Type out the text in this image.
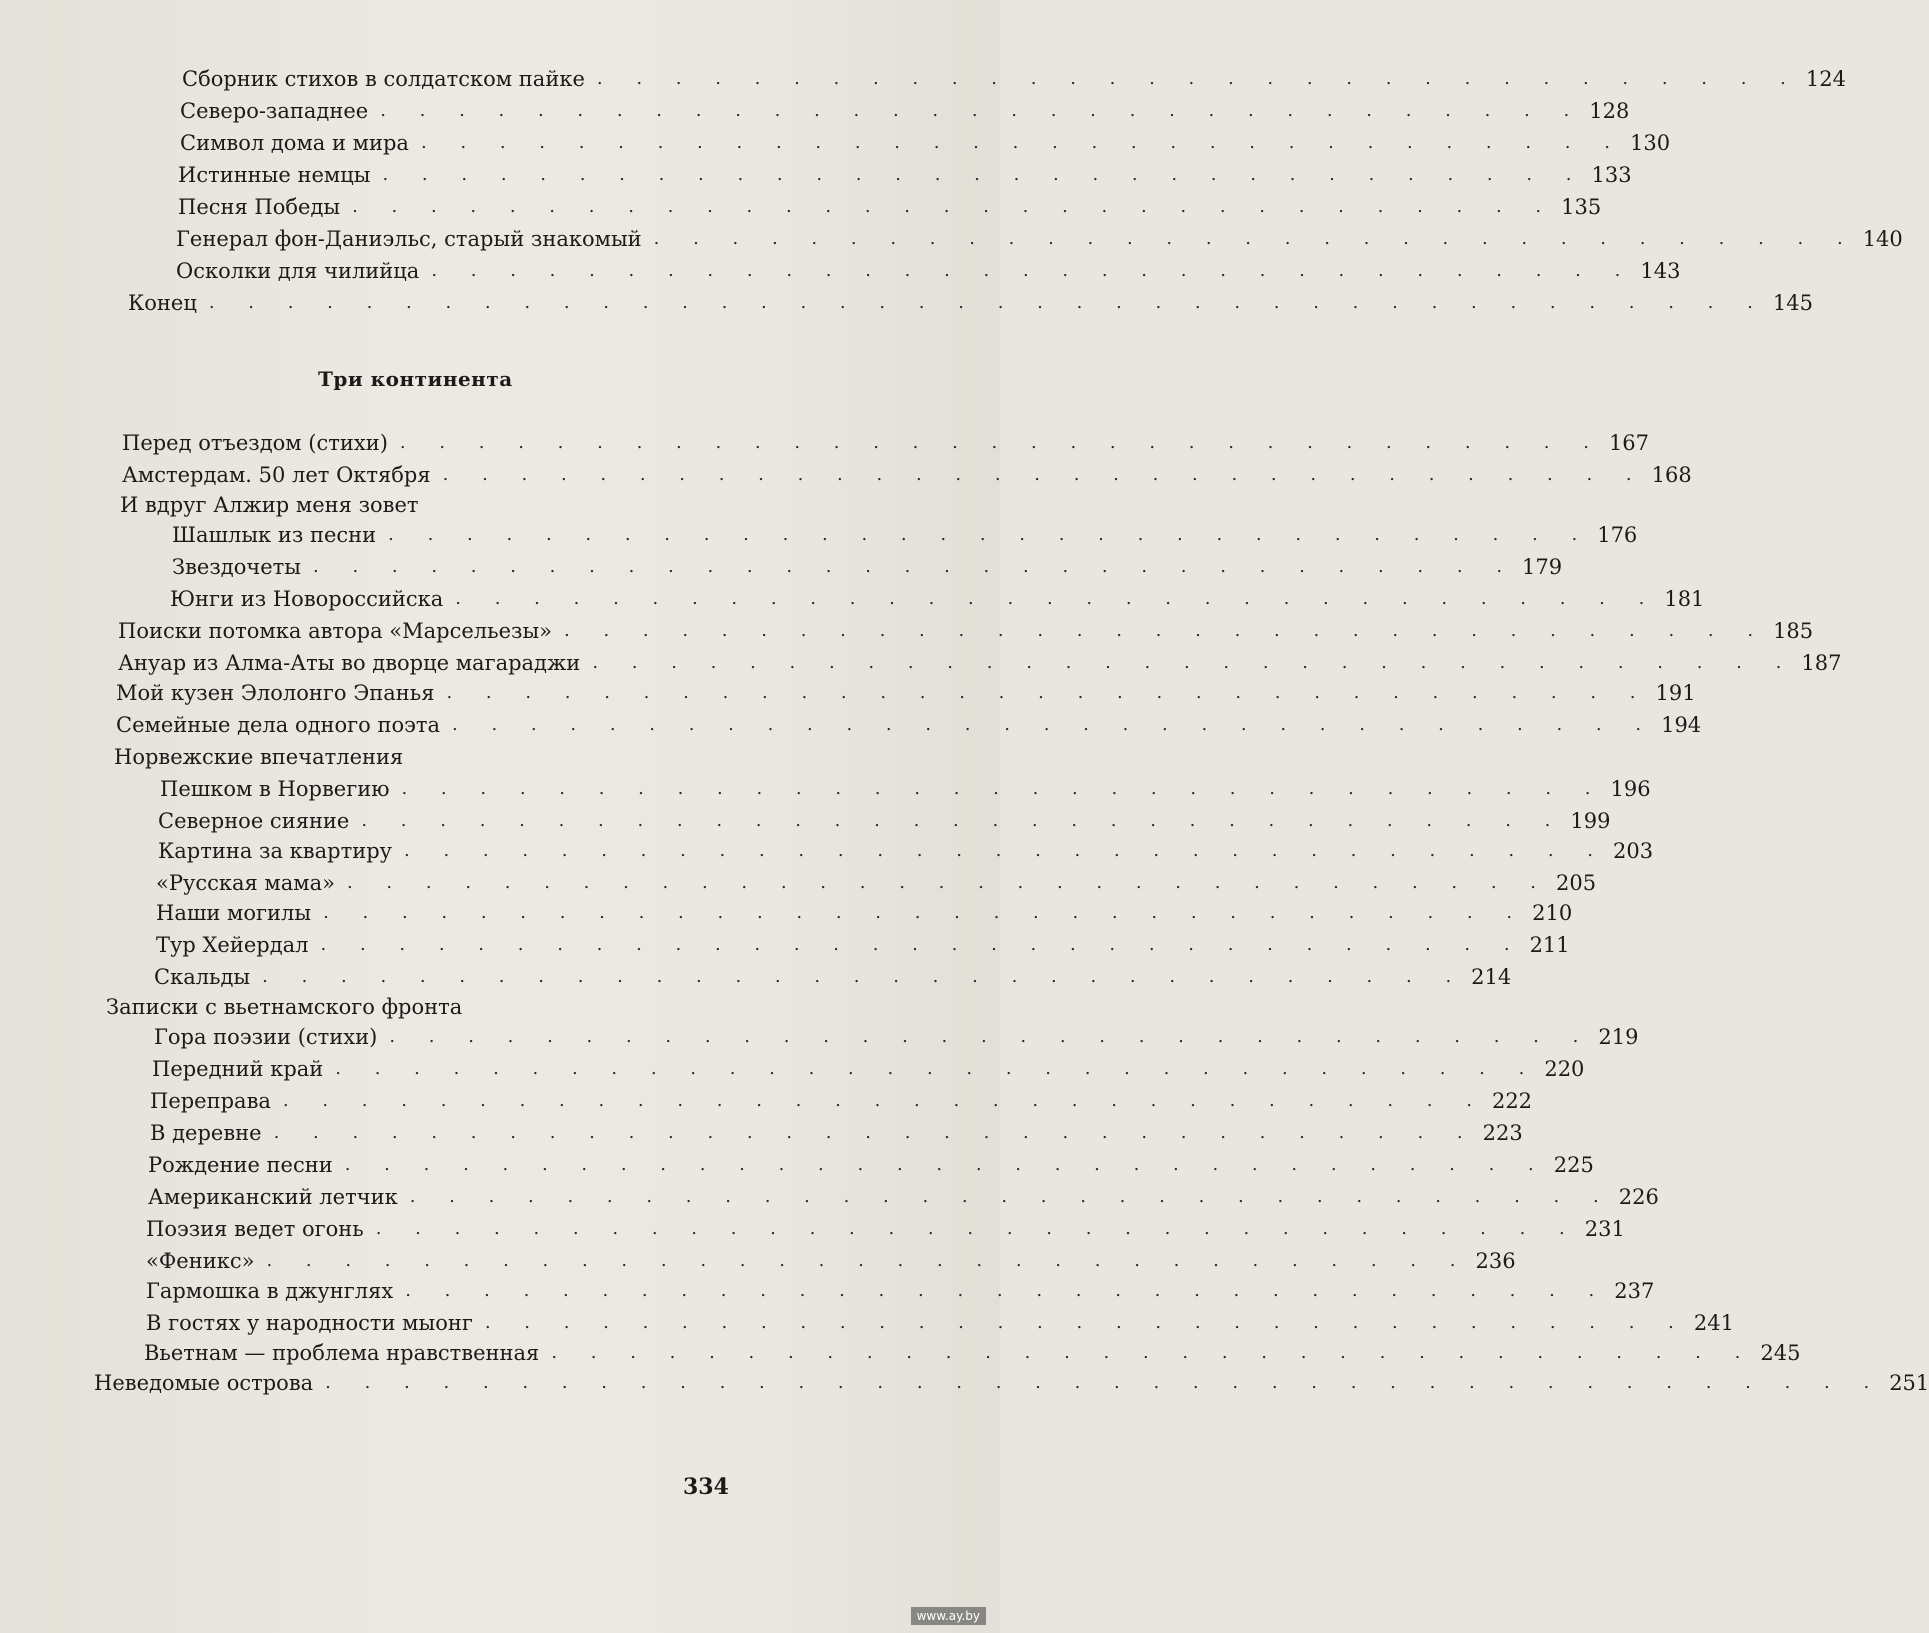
Сборник стихов в солдатском пайке . . . . . . . . . . . . . . . . . . . . . . . . . . . . . . . 124
Северо-западнее . . . . . . . . . . . . . . . . . . . . . . . . . . . . . . . 128
Символ дома и мира . . . . . . . . . . . . . . . . . . . . . . . . . . . . . . . 130
Истинные немцы . . . . . . . . . . . . . . . . . . . . . . . . . . . . . . . 133
Песня Победы . . . . . . . . . . . . . . . . . . . . . . . . . . . . . . . 135
Генерал фон-Даниэльс, старый знакомый . . . . . . . . . . . . . . . . . . . . . . . . . . . . . . . 140
Осколки для чилийца . . . . . . . . . . . . . . . . . . . . . . . . . . . . . . . 143
Конец . . . . . . . . . . . . . . . . . . . . . . . . . . . . . . . . . . . . . . . . 145
Три континента
Перед отъездом (стихи) . . . . . . . . . . . . . . . . . . . . . . . . . . . . . . . 167
Амстердам. 50 лет Октября . . . . . . . . . . . . . . . . . . . . . . . . . . . . . . . 168
И вдруг Алжир меня зовет
Шашлык из песни . . . . . . . . . . . . . . . . . . . . . . . . . . . . . . . 176
Звездочеты . . . . . . . . . . . . . . . . . . . . . . . . . . . . . . . 179
Юнги из Новороссийска . . . . . . . . . . . . . . . . . . . . . . . . . . . . . . . 181
Поиски потомка автора «Марсельезы» . . . . . . . . . . . . . . . . . . . . . . . . . . . . . . . 185
Ануар из Алма-Аты во дворце магараджи . . . . . . . . . . . . . . . . . . . . . . . . . . . . . . . 187
Мой кузен Элолонго Эпанья . . . . . . . . . . . . . . . . . . . . . . . . . . . . . . . 191
Семейные дела одного поэта . . . . . . . . . . . . . . . . . . . . . . . . . . . . . . . 194
Норвежские впечатления
Пешком в Норвегию . . . . . . . . . . . . . . . . . . . . . . . . . . . . . . . 196
Северное сияние . . . . . . . . . . . . . . . . . . . . . . . . . . . . . . . 199
Картина за квартиру . . . . . . . . . . . . . . . . . . . . . . . . . . . . . . . 203
«Русская мама» . . . . . . . . . . . . . . . . . . . . . . . . . . . . . . . 205
Наши могилы . . . . . . . . . . . . . . . . . . . . . . . . . . . . . . . 210
Тур Хейердал . . . . . . . . . . . . . . . . . . . . . . . . . . . . . . . 211
Скальды . . . . . . . . . . . . . . . . . . . . . . . . . . . . . . . 214
Записки с вьетнамского фронта
Гора поэзии (стихи) . . . . . . . . . . . . . . . . . . . . . . . . . . . . . . . 219
Передний край . . . . . . . . . . . . . . . . . . . . . . . . . . . . . . . 220
Переправа . . . . . . . . . . . . . . . . . . . . . . . . . . . . . . . 222
В деревне . . . . . . . . . . . . . . . . . . . . . . . . . . . . . . . 223
Рождение песни . . . . . . . . . . . . . . . . . . . . . . . . . . . . . . . 225
Американский летчик . . . . . . . . . . . . . . . . . . . . . . . . . . . . . . . 226
Поэзия ведет огонь . . . . . . . . . . . . . . . . . . . . . . . . . . . . . . . 231
«Феникс» . . . . . . . . . . . . . . . . . . . . . . . . . . . . . . . 236
Гармошка в джунглях . . . . . . . . . . . . . . . . . . . . . . . . . . . . . . . 237
В гостях у народности мыонг . . . . . . . . . . . . . . . . . . . . . . . . . . . . . . . 241
Вьетнам — проблема нравственная . . . . . . . . . . . . . . . . . . . . . . . . . . . . . . . 245
Неведомые острова . . . . . . . . . . . . . . . . . . . . . . . . . . . . . . . . . . . . . . . . 251
334
www.ay.by
